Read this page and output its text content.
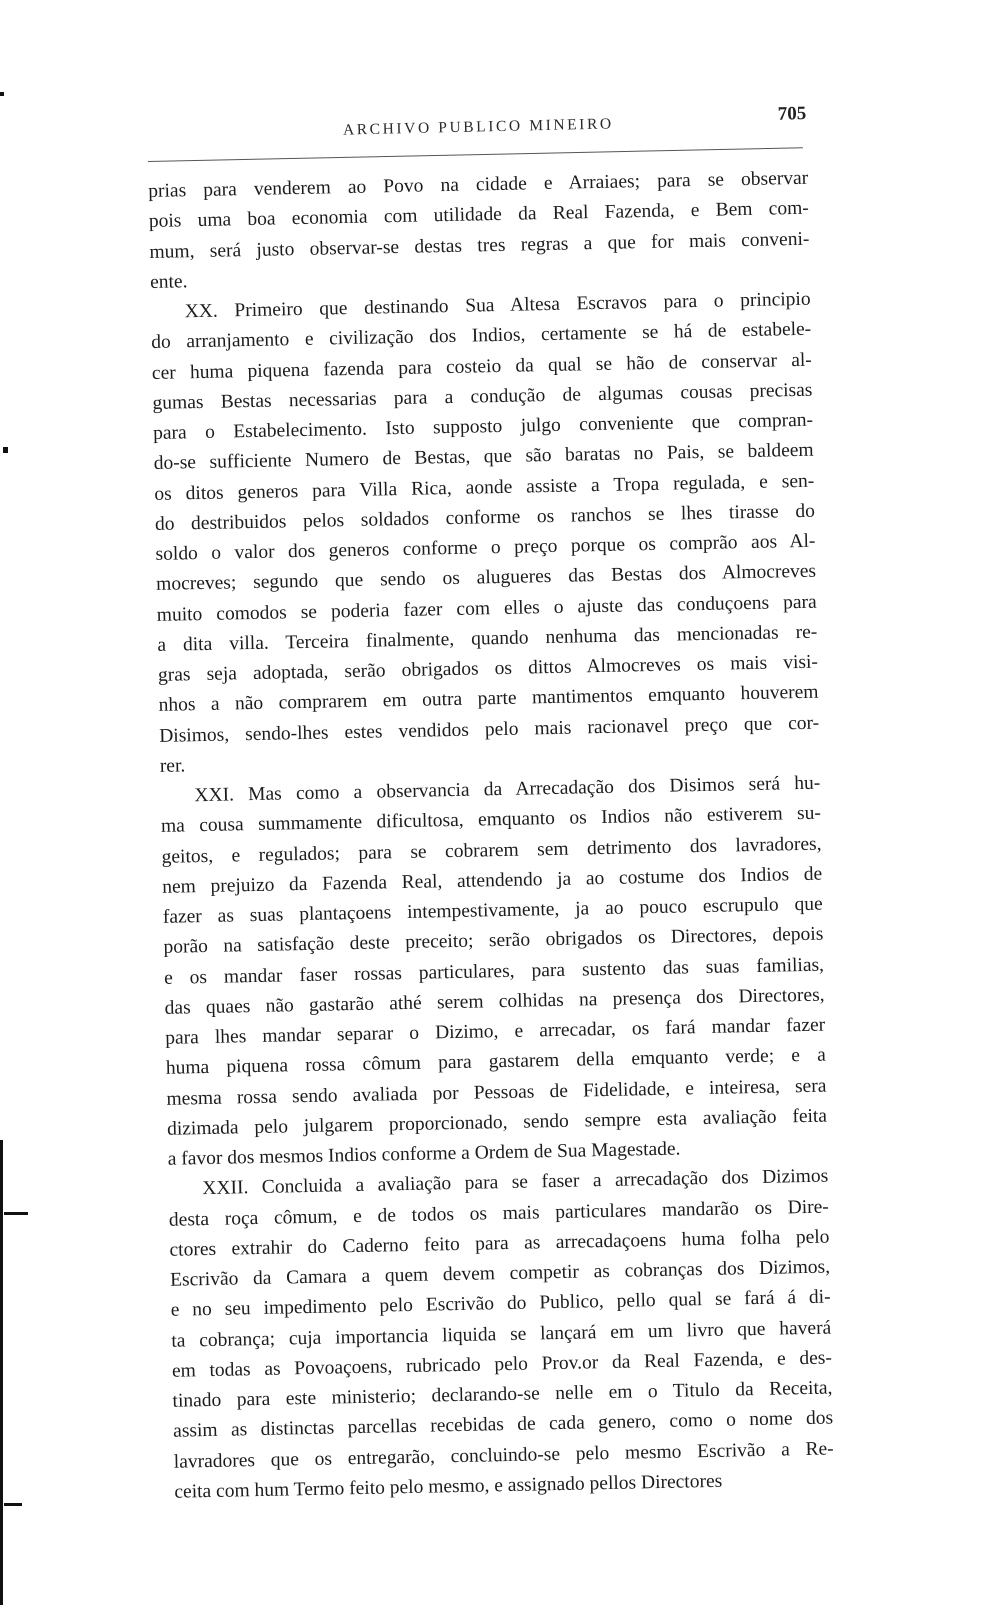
ARCHIVO PUBLICO MINEIRO
705
prias para venderem ao Povo na cidade e Arraiaes; para se observar
pois uma boa economia com utilidade da Real Fazenda, e Bem com-
mum, será justo observar-se destas tres regras a que for mais conveni-
ente.
XX. Primeiro que destinando Sua Altesa Escravos para o principio
do arranjamento e civilização dos Indios, certamente se há de estabele-
cer huma piquena fazenda para costeio da qual se hão de conservar al-
gumas Bestas necessarias para a condução de algumas cousas precisas
para o Estabelecimento. Isto supposto julgo conveniente que compran-
do-se sufficiente Numero de Bestas, que são baratas no Pais, se baldeem
os ditos generos para Villa Rica, aonde assiste a Tropa regulada, e sen-
do destribuidos pelos soldados conforme os ranchos se lhes tirasse do
soldo o valor dos generos conforme o preço porque os comprão aos Al-
mocreves; segundo que sendo os alugueres das Bestas dos Almocreves
muito comodos se poderia fazer com elles o ajuste das conduçoens para
a dita villa. Terceira finalmente, quando nenhuma das mencionadas re-
gras seja adoptada, serão obrigados os dittos Almocreves os mais visi-
nhos a não comprarem em outra parte mantimentos emquanto houverem
Disimos, sendo-lhes estes vendidos pelo mais racionavel preço que cor-
rer.
XXI. Mas como a observancia da Arrecadação dos Disimos será hu-
ma cousa summamente dificultosa, emquanto os Indios não estiverem su-
geitos, e regulados; para se cobrarem sem detrimento dos lavradores,
nem prejuizo da Fazenda Real, attendendo ja ao costume dos Indios de
fazer as suas plantaçoens intempestivamente, ja ao pouco escrupulo que
porão na satisfação deste preceito; serão obrigados os Directores, depois
e os mandar faser rossas particulares, para sustento das suas familias,
das quaes não gastarão athé serem colhidas na presença dos Directores,
para lhes mandar separar o Dizimo, e arrecadar, os fará mandar fazer
huma piquena rossa cômum para gastarem della emquanto verde; e a
mesma rossa sendo avaliada por Pessoas de Fidelidade, e inteiresa, sera
dizimada pelo julgarem proporcionado, sendo sempre esta avaliação feita
a favor dos mesmos Indios conforme a Ordem de Sua Magestade.
XXII. Concluida a avaliação para se faser a arrecadação dos Dizimos
desta roça cômum, e de todos os mais particulares mandarão os Dire-
ctores extrahir do Caderno feito para as arrecadaçoens huma folha pelo
Escrivão da Camara a quem devem competir as cobranças dos Dizimos,
e no seu impedimento pelo Escrivão do Publico, pello qual se fará á di-
ta cobrança; cuja importancia liquida se lançará em um livro que haverá
em todas as Povoaçoens, rubricado pelo Prov.or da Real Fazenda, e des-
tinado para este ministerio; declarando-se nelle em o Titulo da Receita,
assim as distinctas parcellas recebidas de cada genero, como o nome dos
lavradores que os entregarão, concluindo-se pelo mesmo Escrivão a Re-
ceita com hum Termo feito pelo mesmo, e assignado pellos Directores
